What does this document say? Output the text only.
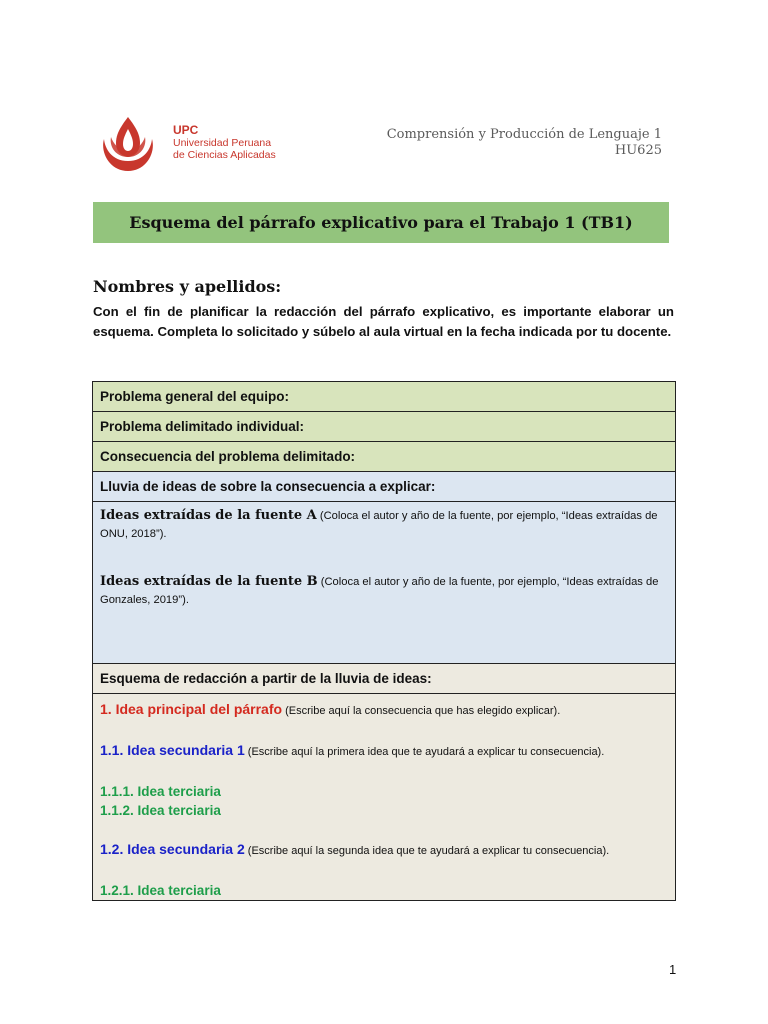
UPC
Universidad Peruana
de Ciencias Aplicadas
Comprensión y Producción de Lenguaje 1
HU625
Esquema del párrafo explicativo para el Trabajo 1 (TB1)
Nombres y apellidos:
Con el fin de planificar la redacción del párrafo explicativo, es importante elaborar un esquema. Completa lo solicitado y súbelo al aula virtual en la fecha indicada por tu docente.
Problema general del equipo:
Problema delimitado individual:
Consecuencia del problema delimitado:
Lluvia de ideas de sobre la consecuencia a explicar:

Ideas extraídas de la fuente A (Coloca el autor y año de la fuente, por ejemplo, “Ideas extraídas de ONU, 2018”).
Ideas extraídas de la fuente B (Coloca el autor y año de la fuente, por ejemplo, “Ideas extraídas de Gonzales, 2019”).

Esquema de redacción a partir de la lluvia de ideas:

1. Idea principal del párrafo (Escribe aquí la consecuencia que has elegido explicar).

1.1. Idea secundaria 1 (Escribe aquí la primera idea que te ayudará a explicar tu consecuencia).

1.1.1. Idea terciaria

1.1.2. Idea terciaria

1.2. Idea secundaria 2 (Escribe aquí la segunda idea que te ayudará a explicar tu consecuencia).

1.2.1. Idea terciaria

1
